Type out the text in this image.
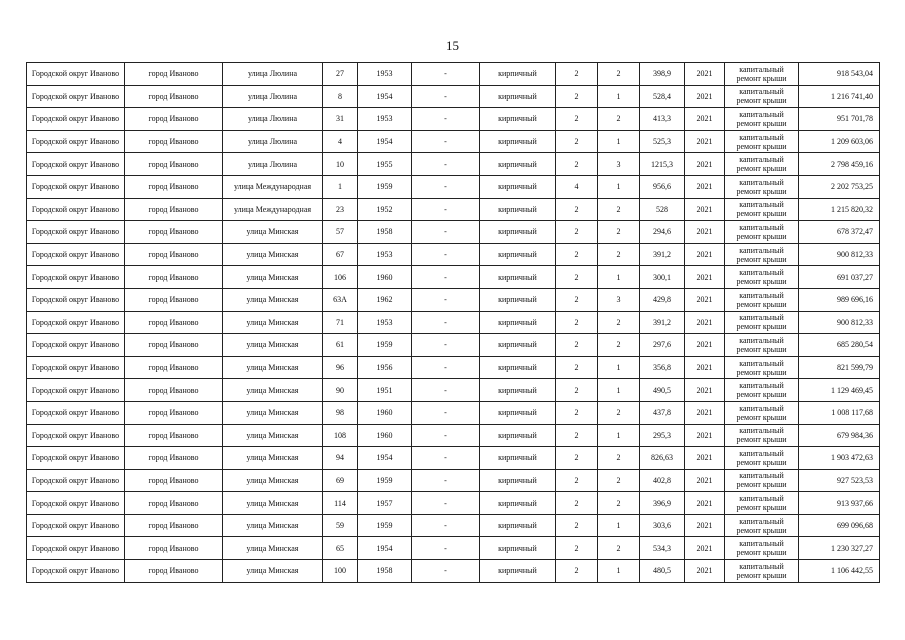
15
Городской округ Иваново	город Иваново	улица Люлина	27	1953	-	кирпичный	2	2	398,9	2021	капитальный ремонт крыши	918 543,04
Городской округ Иваново	город Иваново	улица Люлина	8	1954	-	кирпичный	2	1	528,4	2021	капитальный ремонт крыши	1 216 741,40
Городской округ Иваново	город Иваново	улица Люлина	31	1953	-	кирпичный	2	2	413,3	2021	капитальный ремонт крыши	951 701,78
Городской округ Иваново	город Иваново	улица Люлина	4	1954	-	кирпичный	2	1	525,3	2021	капитальный ремонт крыши	1 209 603,06
Городской округ Иваново	город Иваново	улица Люлина	10	1955	-	кирпичный	2	3	1215,3	2021	капитальный ремонт крыши	2 798 459,16
Городской округ Иваново	город Иваново	улица Международная	1	1959	-	кирпичный	4	1	956,6	2021	капитальный ремонт крыши	2 202 753,25
Городской округ Иваново	город Иваново	улица Международная	23	1952	-	кирпичный	2	2	528	2021	капитальный ремонт крыши	1 215 820,32
Городской округ Иваново	город Иваново	улица Минская	57	1958	-	кирпичный	2	2	294,6	2021	капитальный ремонт крыши	678 372,47
Городской округ Иваново	город Иваново	улица Минская	67	1953	-	кирпичный	2	2	391,2	2021	капитальный ремонт крыши	900 812,33
Городской округ Иваново	город Иваново	улица Минская	106	1960	-	кирпичный	2	1	300,1	2021	капитальный ремонт крыши	691 037,27
Городской округ Иваново	город Иваново	улица Минская	63А	1962	-	кирпичный	2	3	429,8	2021	капитальный ремонт крыши	989 696,16
Городской округ Иваново	город Иваново	улица Минская	71	1953	-	кирпичный	2	2	391,2	2021	капитальный ремонт крыши	900 812,33
Городской округ Иваново	город Иваново	улица Минская	61	1959	-	кирпичный	2	2	297,6	2021	капитальный ремонт крыши	685 280,54
Городской округ Иваново	город Иваново	улица Минская	96	1956	-	кирпичный	2	1	356,8	2021	капитальный ремонт крыши	821 599,79
Городской округ Иваново	город Иваново	улица Минская	90	1951	-	кирпичный	2	1	490,5	2021	капитальный ремонт крыши	1 129 469,45
Городской округ Иваново	город Иваново	улица Минская	98	1960	-	кирпичный	2	2	437,8	2021	капитальный ремонт крыши	1 008 117,68
Городской округ Иваново	город Иваново	улица Минская	108	1960	-	кирпичный	2	1	295,3	2021	капитальный ремонт крыши	679 984,36
Городской округ Иваново	город Иваново	улица Минская	94	1954	-	кирпичный	2	2	826,63	2021	капитальный ремонт крыши	1 903 472,63
Городской округ Иваново	город Иваново	улица Минская	69	1959	-	кирпичный	2	2	402,8	2021	капитальный ремонт крыши	927 523,53
Городской округ Иваново	город Иваново	улица Минская	114	1957	-	кирпичный	2	2	396,9	2021	капитальный ремонт крыши	913 937,66
Городской округ Иваново	город Иваново	улица Минская	59	1959	-	кирпичный	2	1	303,6	2021	капитальный ремонт крыши	699 096,68
Городской округ Иваново	город Иваново	улица Минская	65	1954	-	кирпичный	2	2	534,3	2021	капитальный ремонт крыши	1 230 327,27
Городской округ Иваново	город Иваново	улица Минская	100	1958	-	кирпичный	2	1	480,5	2021	капитальный ремонт крыши	1 106 442,55
